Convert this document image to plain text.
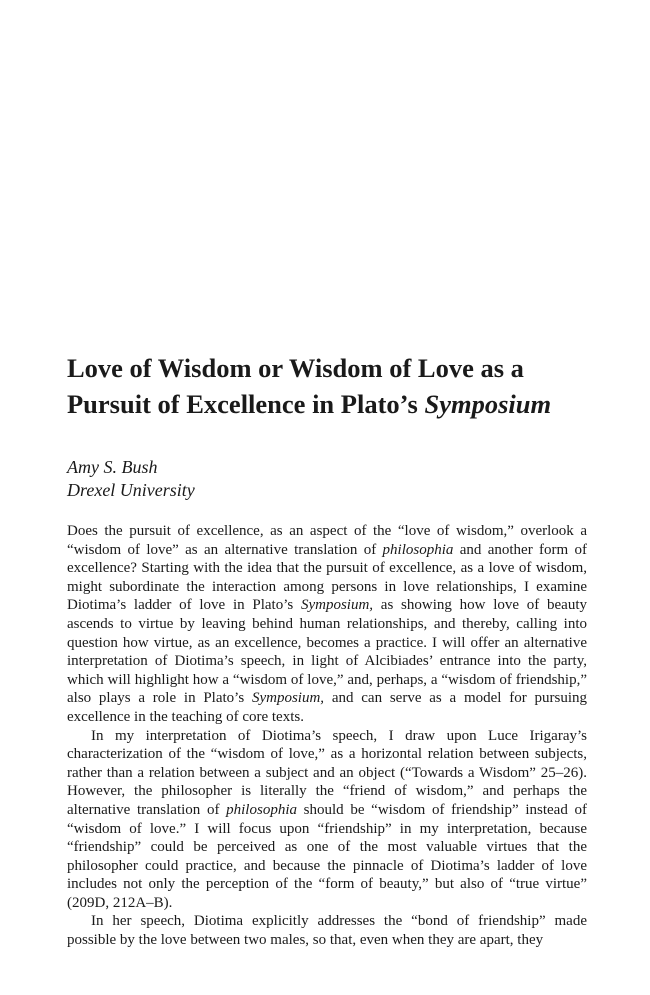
Love of Wisdom or Wisdom of Love as a
Pursuit of Excellence in Plato’s Symposium
Amy S. Bush
Drexel University

Does the pursuit of excellence, as an aspect of the “love of wisdom,” overlook a “wisdom of love” as an alternative translation of philosophia and another form of excellence? Starting with the idea that the pursuit of excellence, as a love of wisdom, might subordinate the interaction among persons in love relationships, I examine Diotima’s ladder of love in Plato’s Symposium, as showing how love of beauty ascends to virtue by leaving behind human relationships, and thereby, calling into question how virtue, as an excellence, becomes a practice. I will offer an alternative interpretation of Diotima’s speech, in light of Alcibiades’ entrance into the party, which will highlight how a “wisdom of love,” and, perhaps, a “wisdom of friendship,” also plays a role in Plato’s Symposium, and can serve as a model for pursuing excellence in the teaching of core texts.

In my interpretation of Diotima’s speech, I draw upon Luce Irigaray’s characterization of the “wisdom of love,” as a horizontal relation between subjects, rather than a relation between a subject and an object (“Towards a Wisdom” 25–26). However, the philosopher is literally the “friend of wisdom,” and perhaps the alternative translation of philosophia should be “wisdom of friendship” instead of “wisdom of love.” I will focus upon “friendship” in my interpretation, because “friendship” could be perceived as one of the most valuable virtues that the philosopher could practice, and because the pinnacle of Diotima’s ladder of love includes not only the perception of the “form of beauty,” but also of “true virtue” (209D, 212A–B).

In her speech, Diotima explicitly addresses the “bond of friendship” made possible by the love between two males, so that, even when they are apart, they
